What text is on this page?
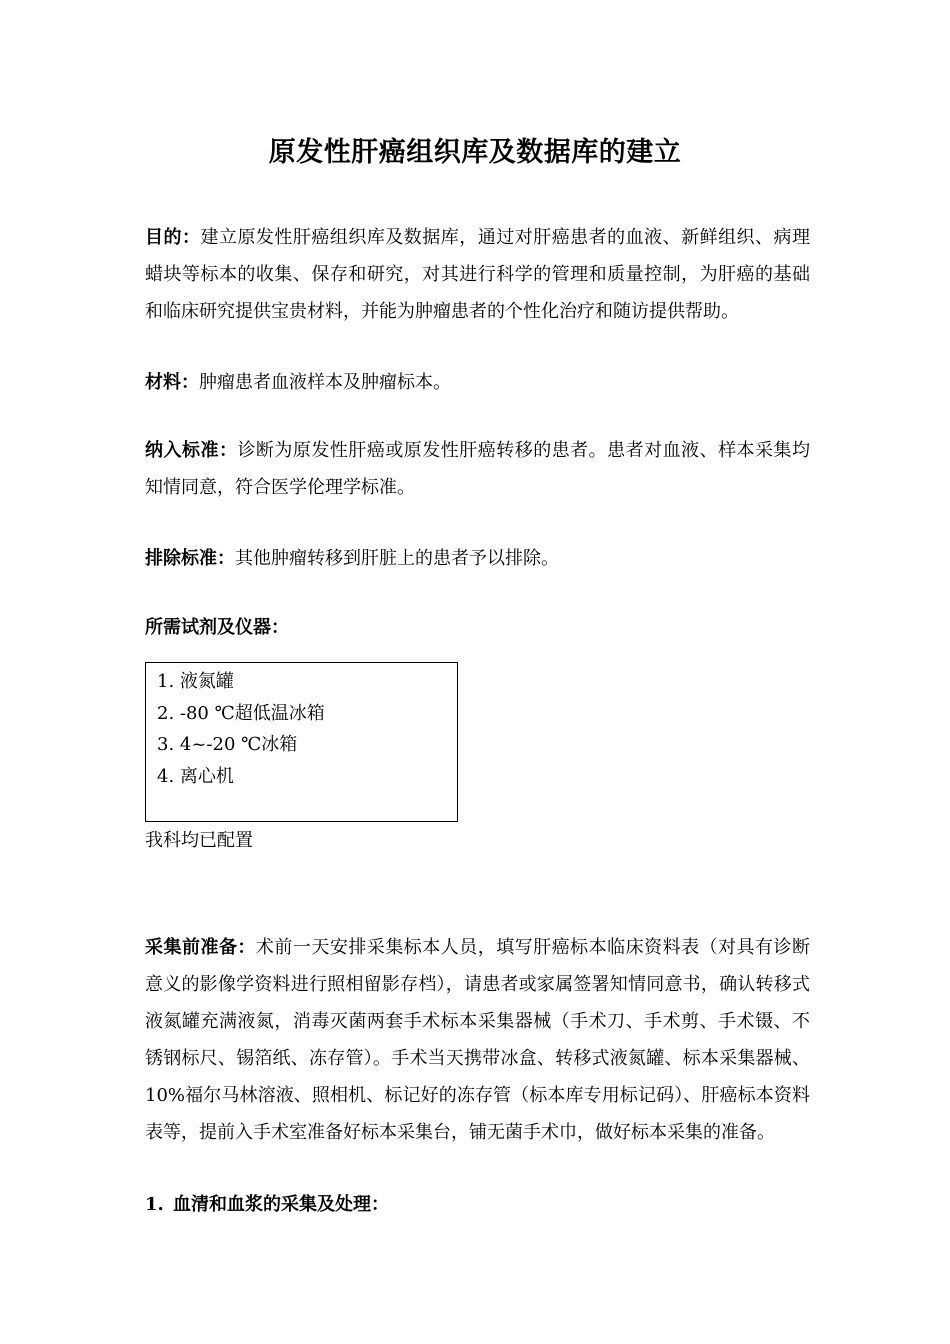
原发性肝癌组织库及数据库的建立
目的：建立原发性肝癌组织库及数据库，通过对肝癌患者的血液、新鲜组织、病理蜡块等标本的收集、保存和研究，对其进行科学的管理和质量控制，为肝癌的基础和临床研究提供宝贵材料，并能为肿瘤患者的个性化治疗和随访提供帮助。
材料：肿瘤患者血液样本及肿瘤标本。
纳入标准：诊断为原发性肝癌或原发性肝癌转移的患者。患者对血液、样本采集均知情同意，符合医学伦理学标准。
排除标准：其他肿瘤转移到肝脏上的患者予以排除。
所需试剂及仪器：
1. 液氮罐
2. -80 ℃超低温冰箱
3. 4~-20 ℃冰箱
4. 离心机
我科均已配置
采集前准备：术前一天安排采集标本人员，填写肝癌标本临床资料表（对具有诊断意义的影像学资料进行照相留影存档），请患者或家属签署知情同意书，确认转移式液氮罐充满液氮，消毒灭菌两套手术标本采集器械（手术刀、手术剪、手术镊、不锈钢标尺、锡箔纸、冻存管）。手术当天携带冰盒、转移式液氮罐、标本采集器械、10%福尔马林溶液、照相机、标记好的冻存管（标本库专用标记码）、肝癌标本资料表等，提前入手术室准备好标本采集台，铺无菌手术巾，做好标本采集的准备。
1. 血清和血浆的采集及处理：
